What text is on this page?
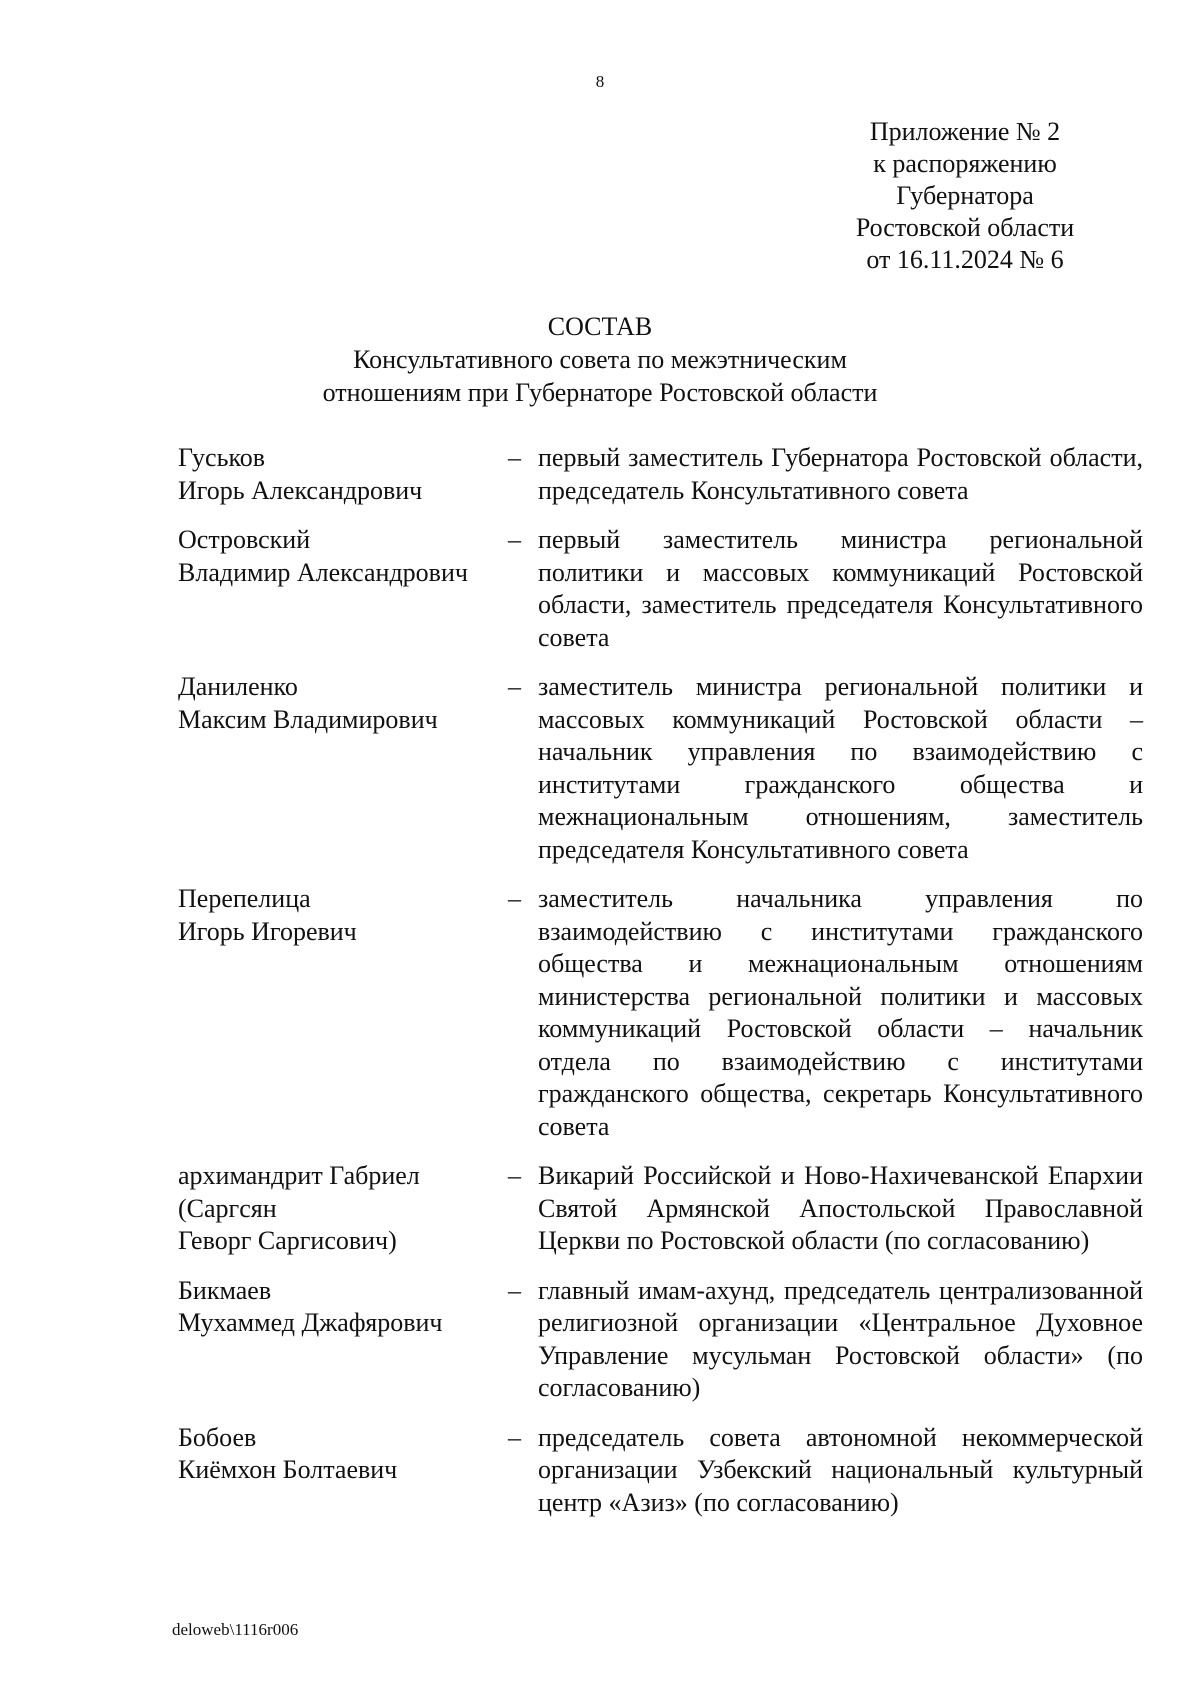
8
Приложение № 2
к распоряжению
Губернатора
Ростовской области
от 16.11.2024 № 6
СОСТАВ
Консультативного совета по межэтническим
отношениям при Губернаторе Ростовской области
Гуськов
Игорь Александрович
– первый заместитель Губернатора Ростовской области, председатель Консультативного совета
Островский
Владимир Александрович
– первый заместитель министра региональной политики и массовых коммуникаций Ростовской области, заместитель председателя Консультативного совета
Даниленко
Максим Владимирович
– заместитель министра региональной политики и массовых коммуникаций Ростовской области – начальник управления по взаимодействию с институтами гражданского общества и межнациональным отношениям, заместитель председателя Консультативного совета
Перепелица
Игорь Игоревич
– заместитель начальника управления по взаимодействию с институтами гражданского общества и межнациональным отношениям министерства региональной политики и массовых коммуникаций Ростовской области – начальник отдела по взаимодействию с институтами гражданского общества, секретарь Консультативного совета
архимандрит Габриел
(Саргсян
Геворг Саргисович)
– Викарий Российской и Ново-Нахичеванской Епархии Святой Армянской Апостольской Православной Церкви по Ростовской области (по согласованию)
Бикмаев
Мухаммед Джафярович
– главный имам-ахунд, председатель централизованной религиозной организации «Центральное Духовное Управление мусульман Ростовской области» (по согласованию)
Бобоев
Киёмхон Болтаевич
– председатель совета автономной некоммерческой организации Узбекский национальный культурный центр «Азиз» (по согласованию)
deloweb\1116r006
